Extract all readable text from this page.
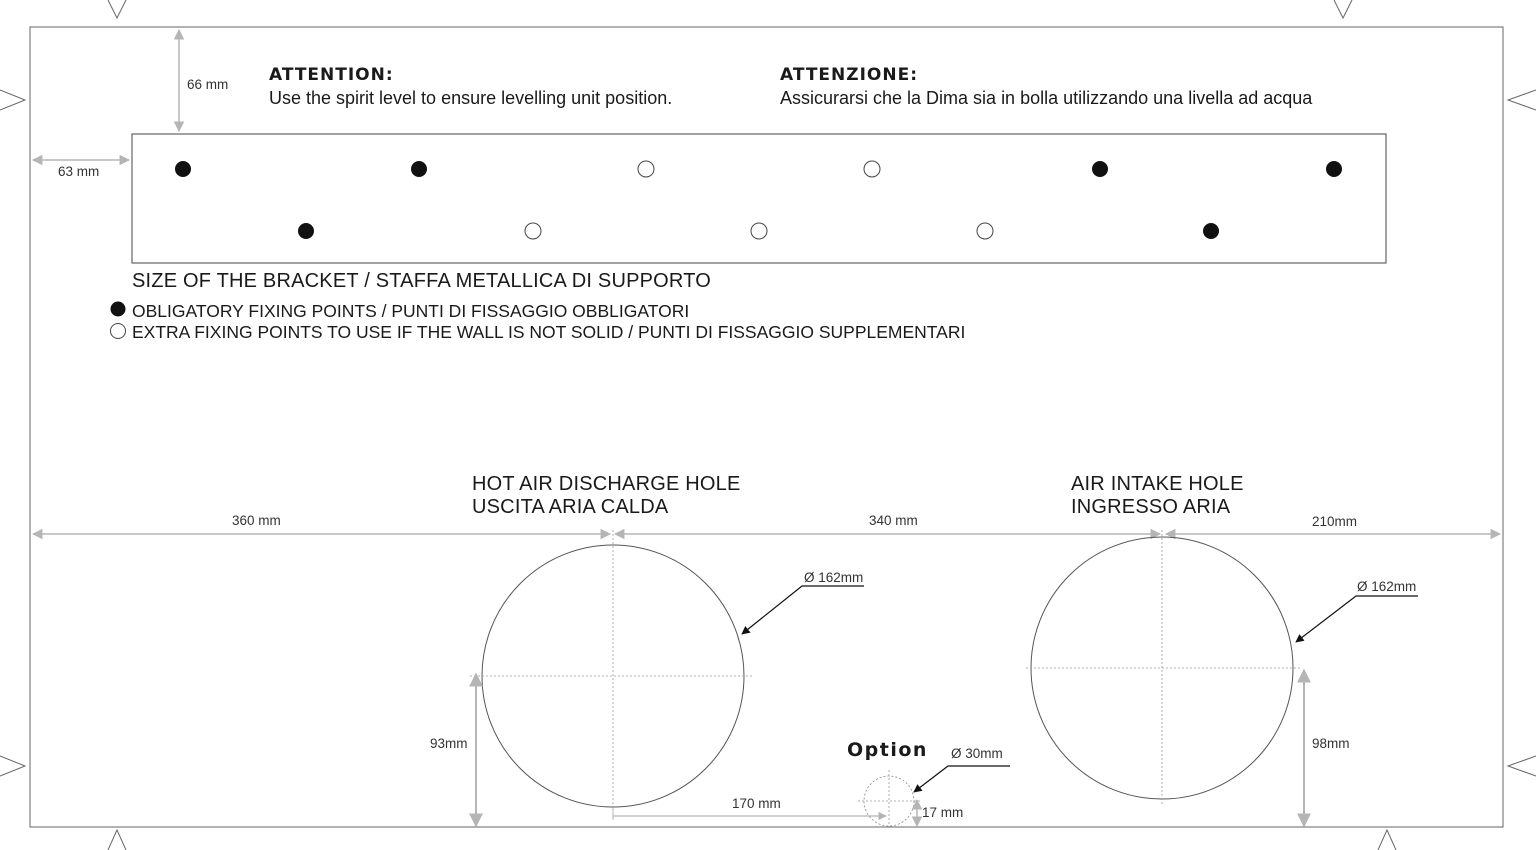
ATTENTION:
Use the spirit level to ensure levelling unit position.
ATTENZIONE:
Assicurarsi che la Dima sia in bolla utilizzando una livella ad acqua
66 mm
63 mm
SIZE OF THE BRACKET / STAFFA METALLICA DI SUPPORTO
OBLIGATORY FIXING POINTS / PUNTI DI FISSAGGIO OBBLIGATORI
EXTRA FIXING POINTS TO USE IF THE WALL IS NOT SOLID / PUNTI DI FISSAGGIO SUPPLEMENTARI
HOT AIR DISCHARGE HOLE
USCITA ARIA CALDA
AIR INTAKE HOLE
INGRESSO ARIA
360 mm	340 mm	210mm
Ø 162mm
Ø 162mm
93mm	98mm
Option Ø 30mm
170 mm
17 mm
